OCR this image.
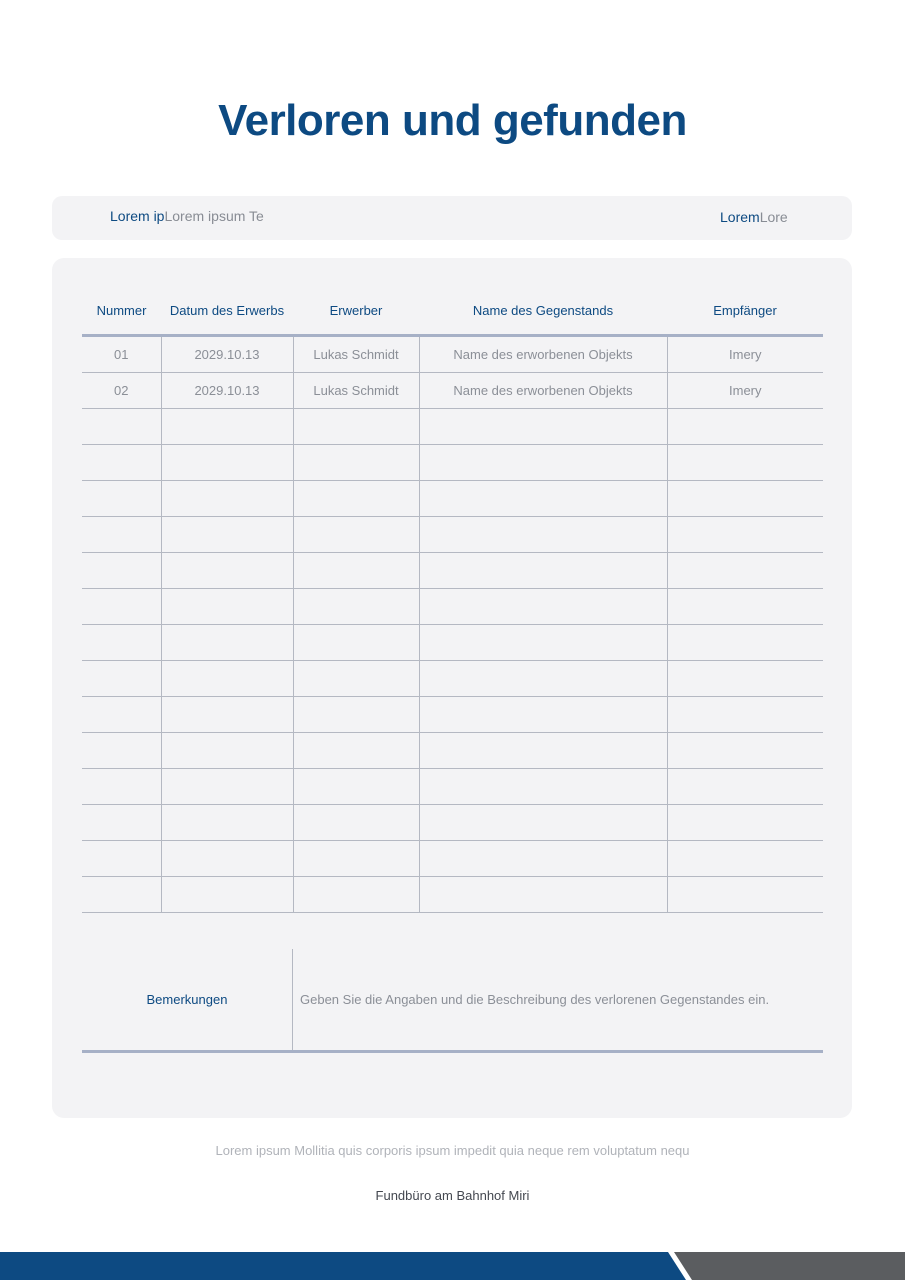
Verloren und gefunden
Lorem ipLorem ipsum Te	LoremLore
Nummer	Datum des Erwerbs	Erwerber	Name des Gegenstands	Empfänger
01	2029.10.13	Lukas Schmidt	Name des erworbenen Objekts	Imery
02	2029.10.13	Lukas Schmidt	Name des erworbenen Objekts	Imery

Bemerkungen	Geben Sie die Angaben und die Beschreibung des verlorenen Gegenstandes ein.
Lorem ipsum Mollitia quis corporis ipsum impedit quia neque rem voluptatum nequ
Fundbüro am Bahnhof Miri
